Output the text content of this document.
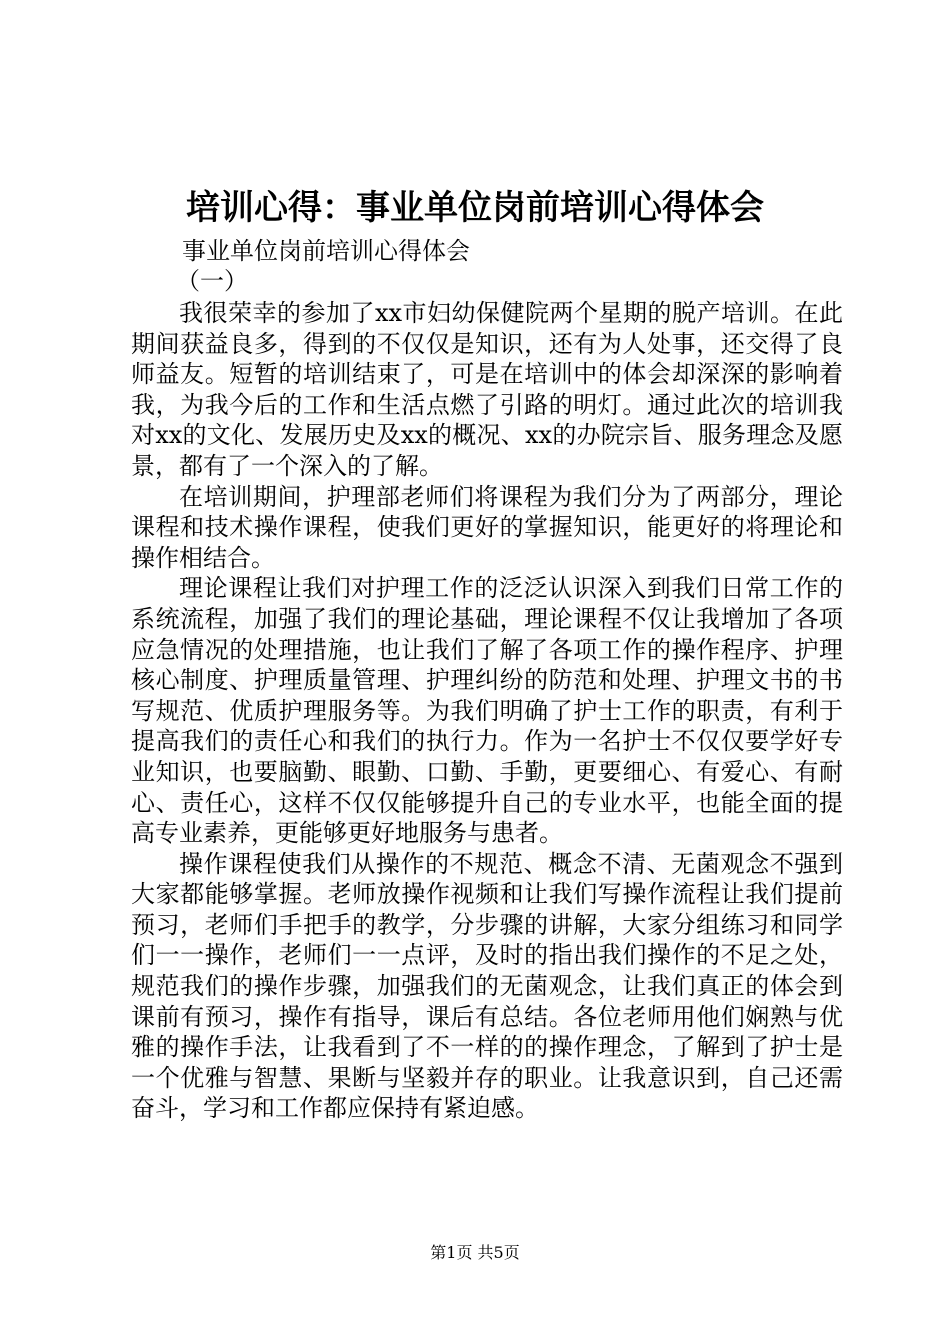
培训心得：事业单位岗前培训心得体会
事业单位岗前培训心得体会
（一）

我很荣幸的参加了xx市妇幼保健院两个星期的脱产培训。在此期间获益良多，得到的不仅仅是知识，还有为人处事，还交得了良师益友。短暂的培训结束了，可是在培训中的体会却深深的影响着我，为我今后的工作和生活点燃了引路的明灯。通过此次的培训我对xx的文化、发展历史及xx的概况、xx的办院宗旨、服务理念及愿景，都有了一个深入的了解。

在培训期间，护理部老师们将课程为我们分为了两部分，理论课程和技术操作课程，使我们更好的掌握知识，能更好的将理论和操作相结合。

理论课程让我们对护理工作的泛泛认识深入到我们日常工作的系统流程，加强了我们的理论基础，理论课程不仅让我增加了各项应急情况的处理措施，也让我们了解了各项工作的操作程序、护理核心制度、护理质量管理、护理纠纷的防范和处理、护理文书的书写规范、优质护理服务等。为我们明确了护士工作的职责，有利于提高我们的责任心和我们的执行力。作为一名护士不仅仅要学好专业知识，也要脑勤、眼勤、口勤、手勤，更要细心、有爱心、有耐心、责任心，这样不仅仅能够提升自己的专业水平，也能全面的提高专业素养，更能够更好地服务与患者。

操作课程使我们从操作的不规范、概念不清、无菌观念不强到大家都能够掌握。老师放操作视频和让我们写操作流程让我们提前预习，老师们手把手的教学，分步骤的讲解，大家分组练习和同学们一一操作，老师们一一点评，及时的指出我们操作的不足之处，规范我们的操作步骤，加强我们的无菌观念，让我们真正的体会到课前有预习，操作有指导，课后有总结。各位老师用他们娴熟与优雅的操作手法，让我看到了不一样的的操作理念，了解到了护士是一个优雅与智慧、果断与坚毅并存的职业。让我意识到，自己还需奋斗，学习和工作都应保持有紧迫感。

第1页 共5页
